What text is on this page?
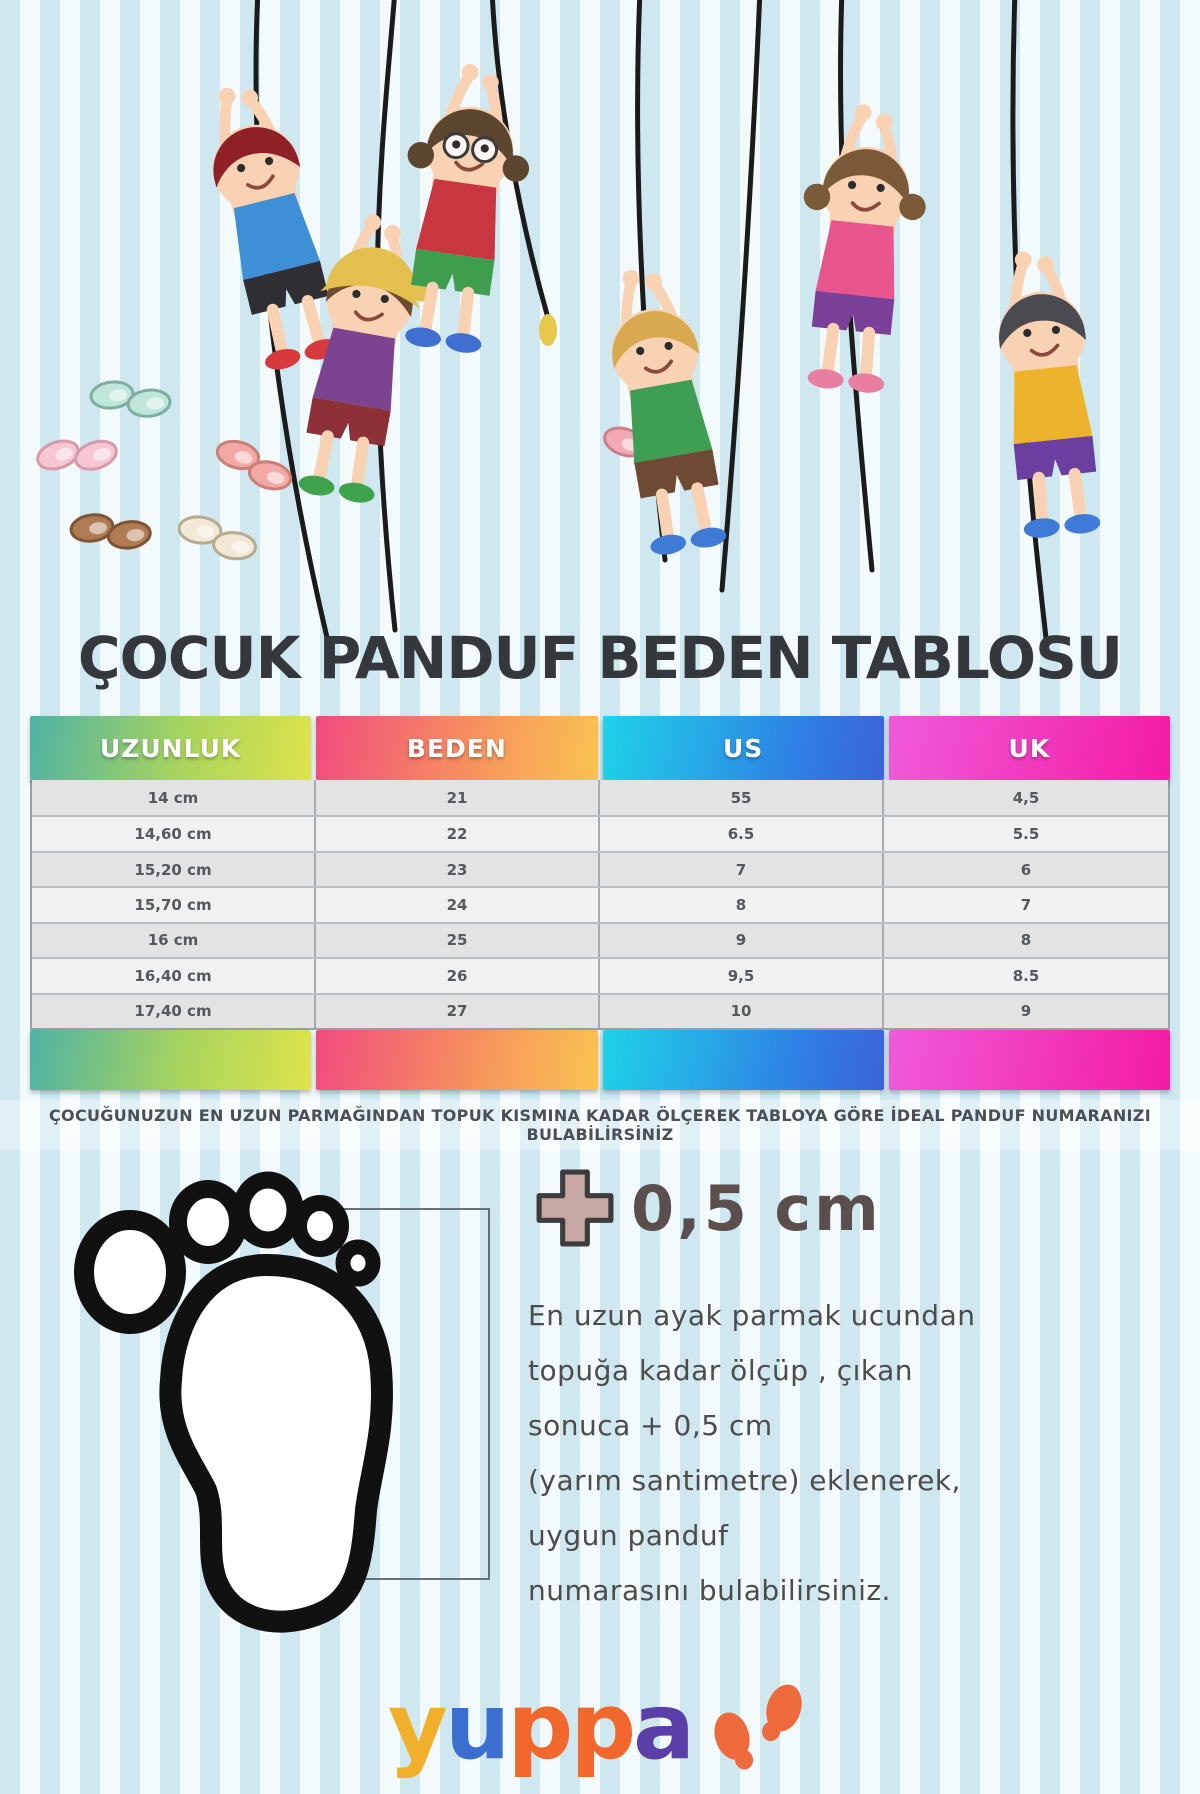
ÇOCUK PANDUF BEDEN TABLOSU
UZUNLUK	BEDEN	US	UK
14 cm	21	55	4,5
14,60 cm	22	6.5	5.5
15,20 cm	23	7	6
15,70 cm	24	8	7
16 cm	25	9	8
16,40 cm	26	9,5	8.5
17,40 cm	27	10	9
ÇOCUĞUNUZUN EN UZUN PARMAĞINDAN TOPUK KISMINA KADAR ÖLÇEREK TABLOYA GÖRE İDEAL PANDUF NUMARANIZI BULABİLİRSİNİZ
0,5 cm
En uzun ayak parmak ucundan
topuğa kadar ölçüp , çıkan
sonuca + 0,5 cm
(yarım santimetre) eklenerek,
uygun panduf
numarasını bulabilirsiniz.
yuppa
